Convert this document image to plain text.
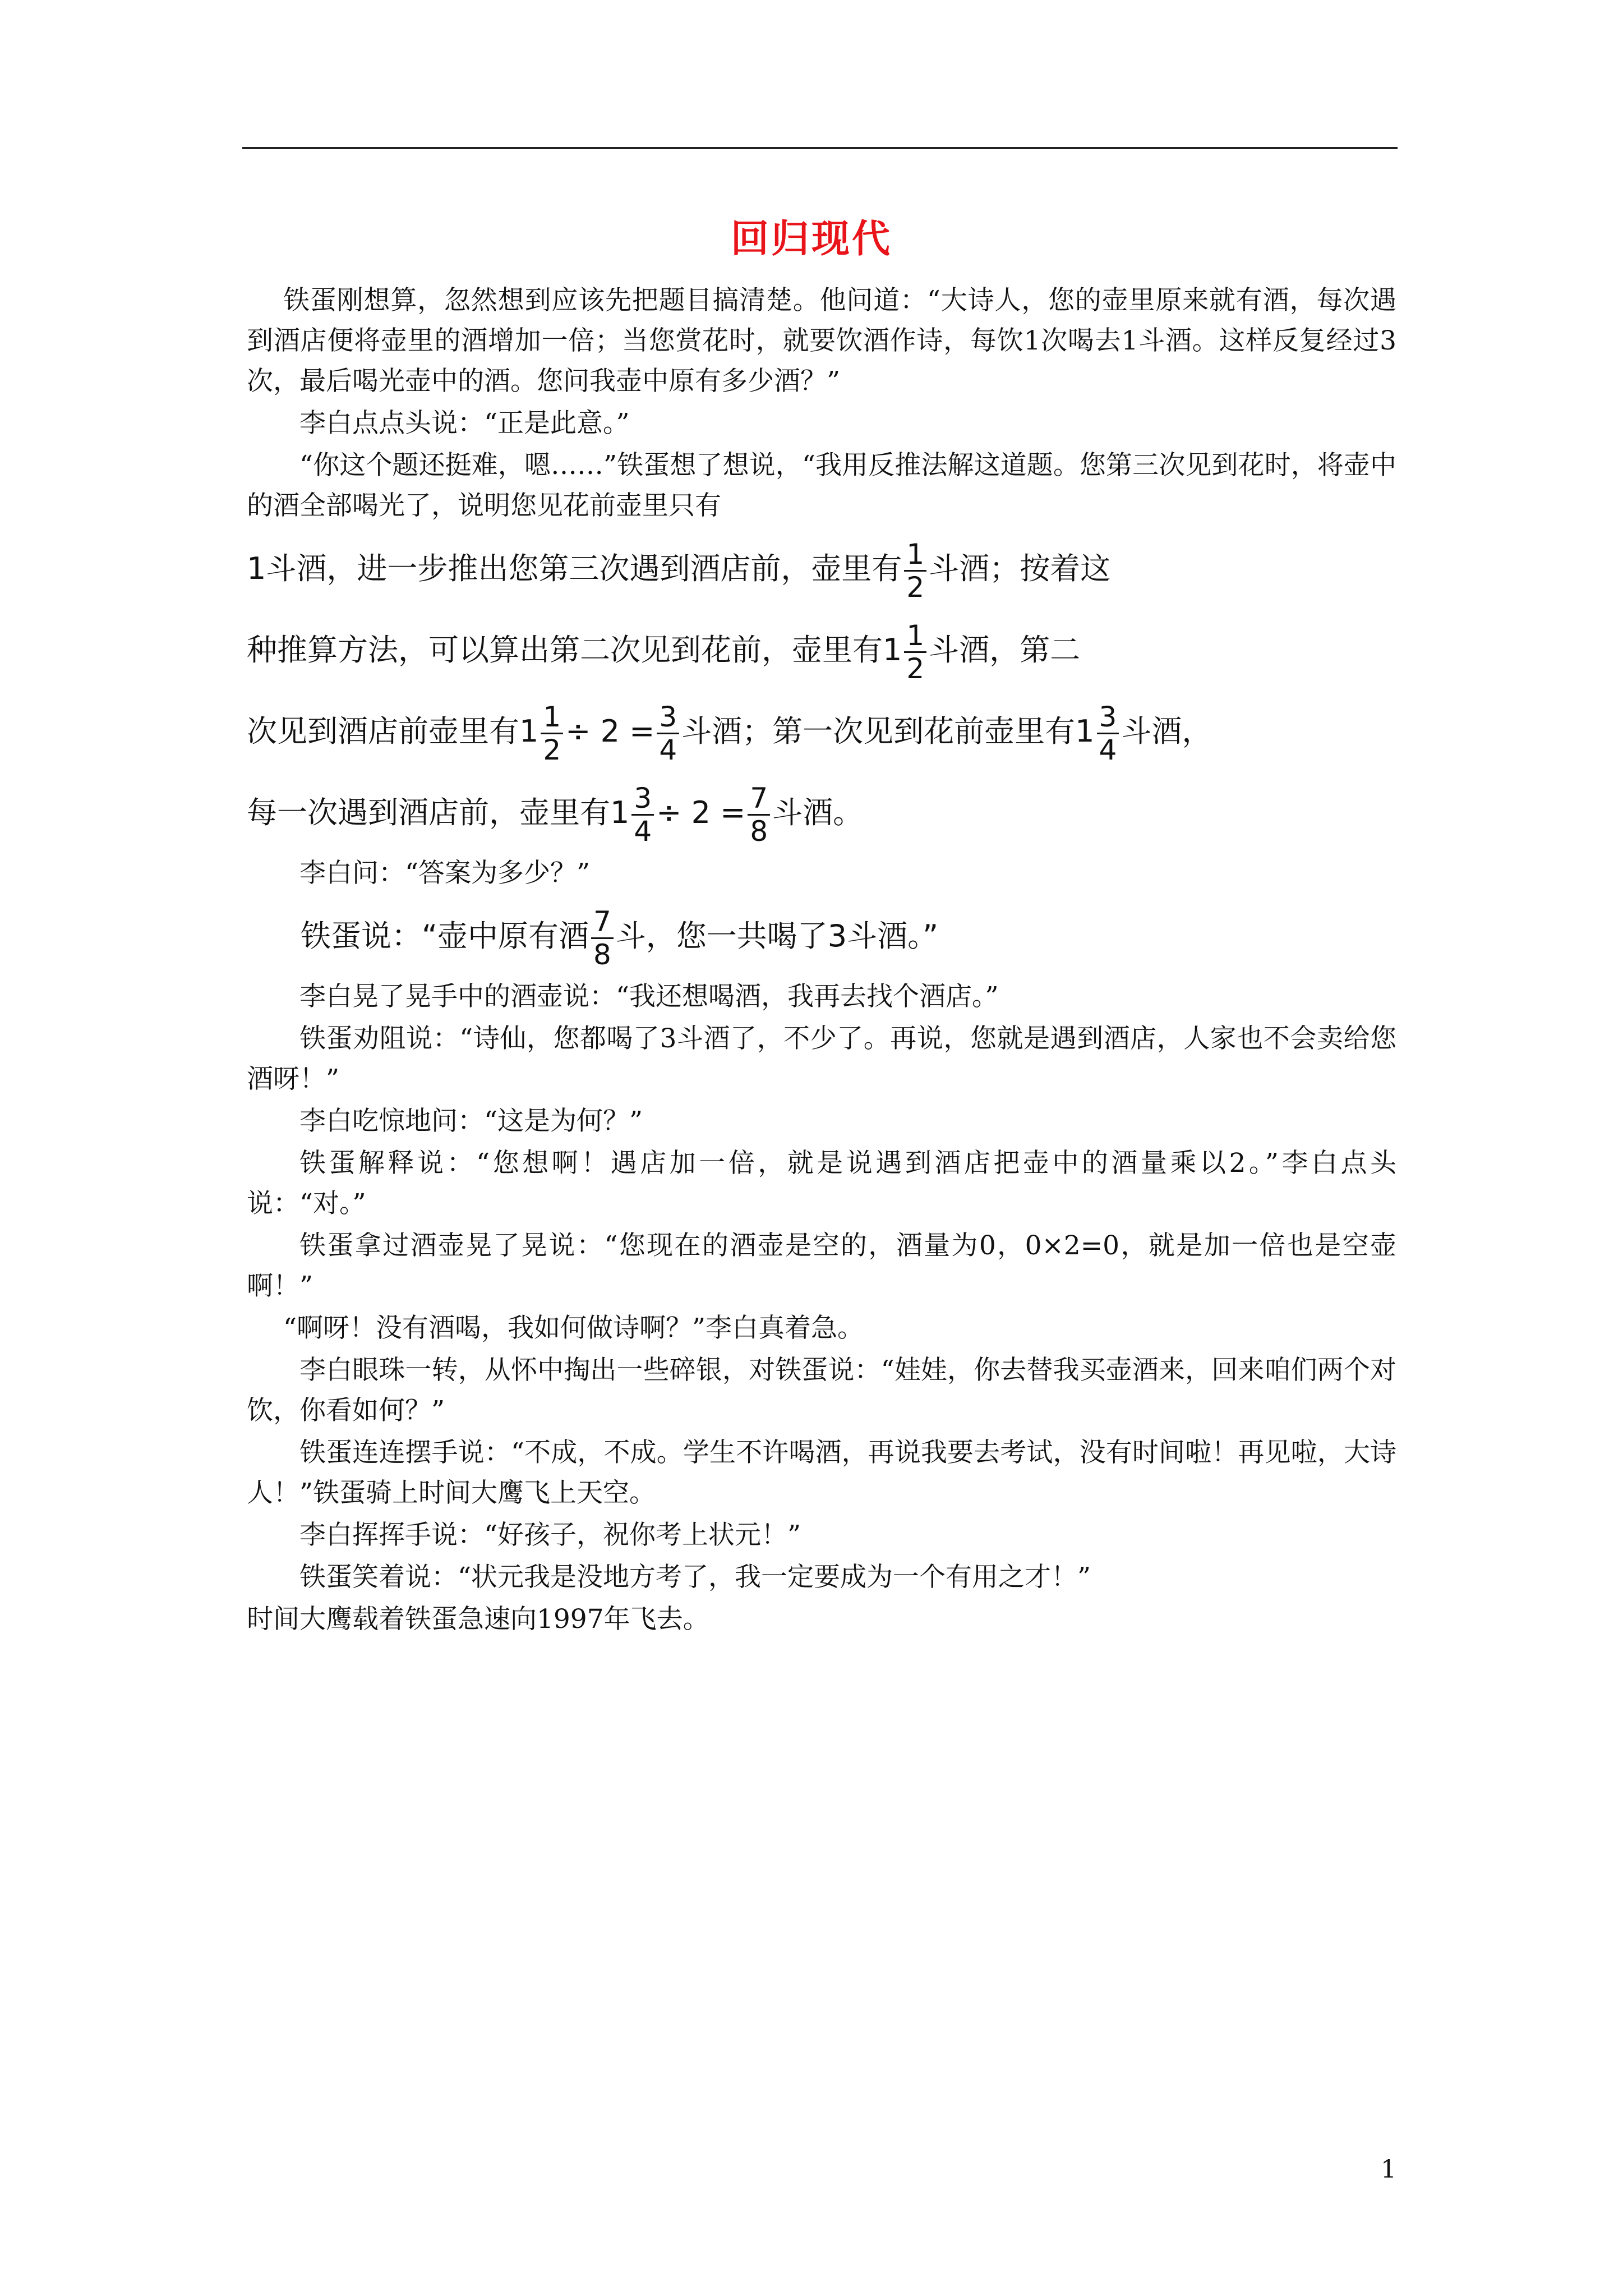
回归现代

铁蛋刚想算，忽然想到应该先把题目搞清楚。他问道：“大诗人，您的壶里原来就有酒，每次遇到酒店便将壶里的酒增加一倍；当您赏花时，就要饮酒作诗，每饮1次喝去1斗酒。这样反复经过3次，最后喝光壶中的酒。您问我壶中原有多少酒？”

李白点点头说：“正是此意。”

“你这个题还挺难，嗯……”铁蛋想了想说，“我用反推法解这道题。您第三次见到花时，将壶中的酒全部喝光了，说明您见花前壶里只有

1斗酒，进一步推出您第三次遇到酒店前，壶里有 $\frac{1}{2}$ 斗酒；按着这
种推算方法，可以算出第二次见到花前，壶里有$1 \frac{1}{2}$ 斗酒，第二
次见到酒店前壶里有$1 \frac{1}{2} \div 2 = \frac{3}{4}$ 斗酒；第一次见到花前壶里有$1 \frac{3}{4}$ 斗酒，
每一次遇到酒店前，壶里有$1 \frac{3}{4} \div 2 = \frac{7}{8}$ 斗酒。

李白问：“答案为多少？”

铁蛋说：“壶中原有酒 $\frac{7}{8}$ 斗，您一共喝了3斗酒。”

李白晃了晃手中的酒壶说：“我还想喝酒，我再去找个酒店。”

铁蛋劝阻说：“诗仙，您都喝了3斗酒了，不少了。再说，您就是遇到酒店，人家也不会卖给您酒呀！”

李白吃惊地问：“这是为何？”

铁蛋解释说：“您想啊！遇店加一倍，就是说遇到酒店把壶中的酒量乘以2。”李白点头说：“对。”

铁蛋拿过酒壶晃了晃说：“您现在的酒壶是空的，酒量为0，0×2=0，就是加一倍也是空壶啊！”

“啊呀！没有酒喝，我如何做诗啊？”李白真着急。

李白眼珠一转，从怀中掏出一些碎银，对铁蛋说：“娃娃，你去替我买壶酒来，回来咱们两个对饮，你看如何？”

铁蛋连连摆手说：“不成，不成。学生不许喝酒，再说我要去考试，没有时间啦！再见啦，大诗人！”铁蛋骑上时间大鹰飞上天空。

李白挥挥手说：“好孩子，祝你考上状元！”

铁蛋笑着说：“状元我是没地方考了，我一定要成为一个有用之才！”

时间大鹰载着铁蛋急速向1997年飞去。

1
